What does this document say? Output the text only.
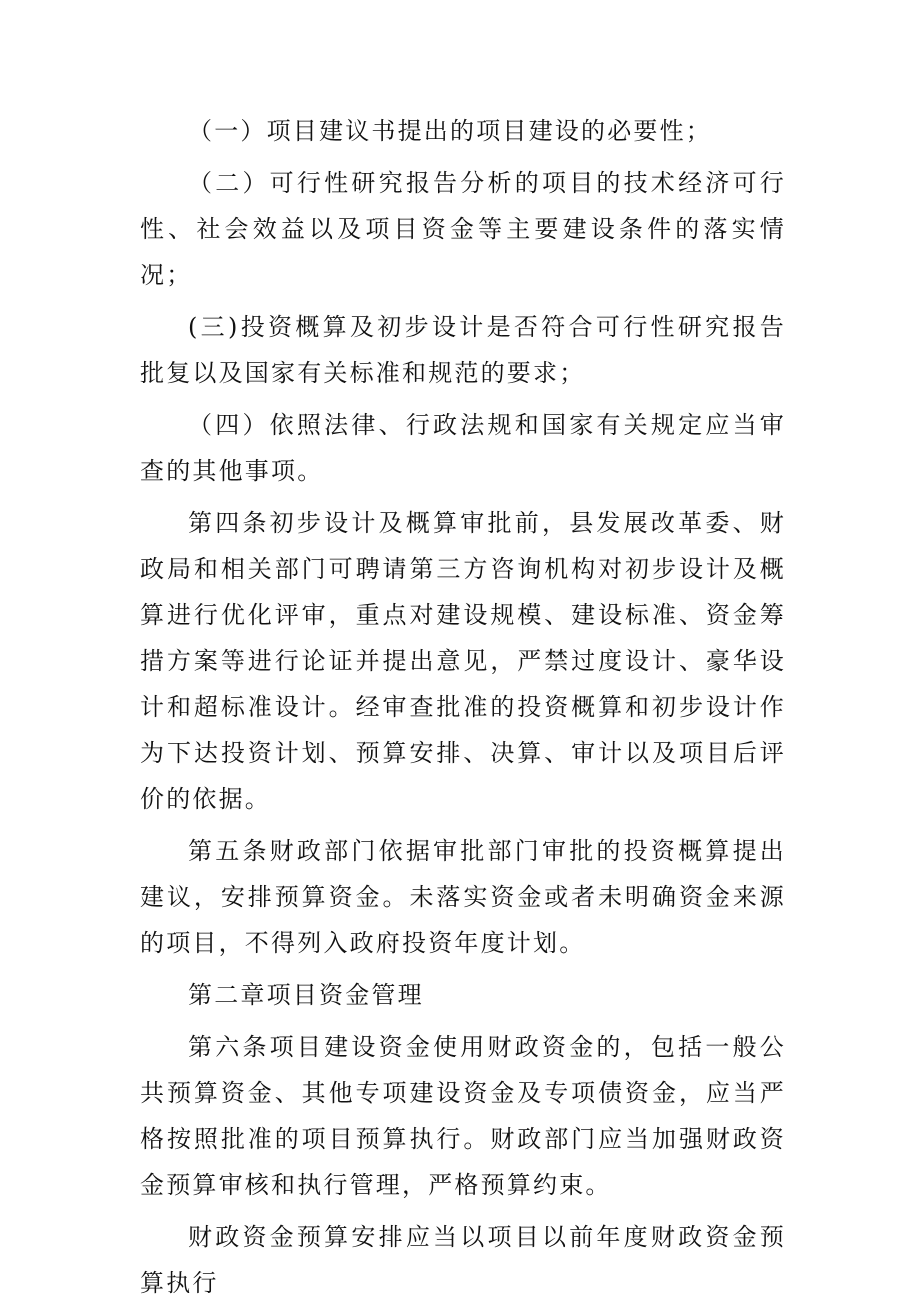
（一）项目建议书提出的项目建设的必要性；

（二）可行性研究报告分析的项目的技术经济可行性、社会效益以及项目资金等主要建设条件的落实情况；

(三)投资概算及初步设计是否符合可行性研究报告批复以及国家有关标准和规范的要求；

（四）依照法律、行政法规和国家有关规定应当审查的其他事项。

第四条初步设计及概算审批前，县发展改革委、财政局和相关部门可聘请第三方咨询机构对初步设计及概算进行优化评审，重点对建设规模、建设标准、资金筹措方案等进行论证并提出意见，严禁过度设计、豪华设计和超标准设计。经审查批准的投资概算和初步设计作为下达投资计划、预算安排、决算、审计以及项目后评价的依据。

第五条财政部门依据审批部门审批的投资概算提出建议，安排预算资金。未落实资金或者未明确资金来源的项目，不得列入政府投资年度计划。

第二章项目资金管理

第六条项目建设资金使用财政资金的，包括一般公共预算资金、其他专项建设资金及专项债资金，应当严格按照批准的项目预算执行。财政部门应当加强财政资金预算审核和执行管理，严格预算约束。

财政资金预算安排应当以项目以前年度财政资金预算执行
